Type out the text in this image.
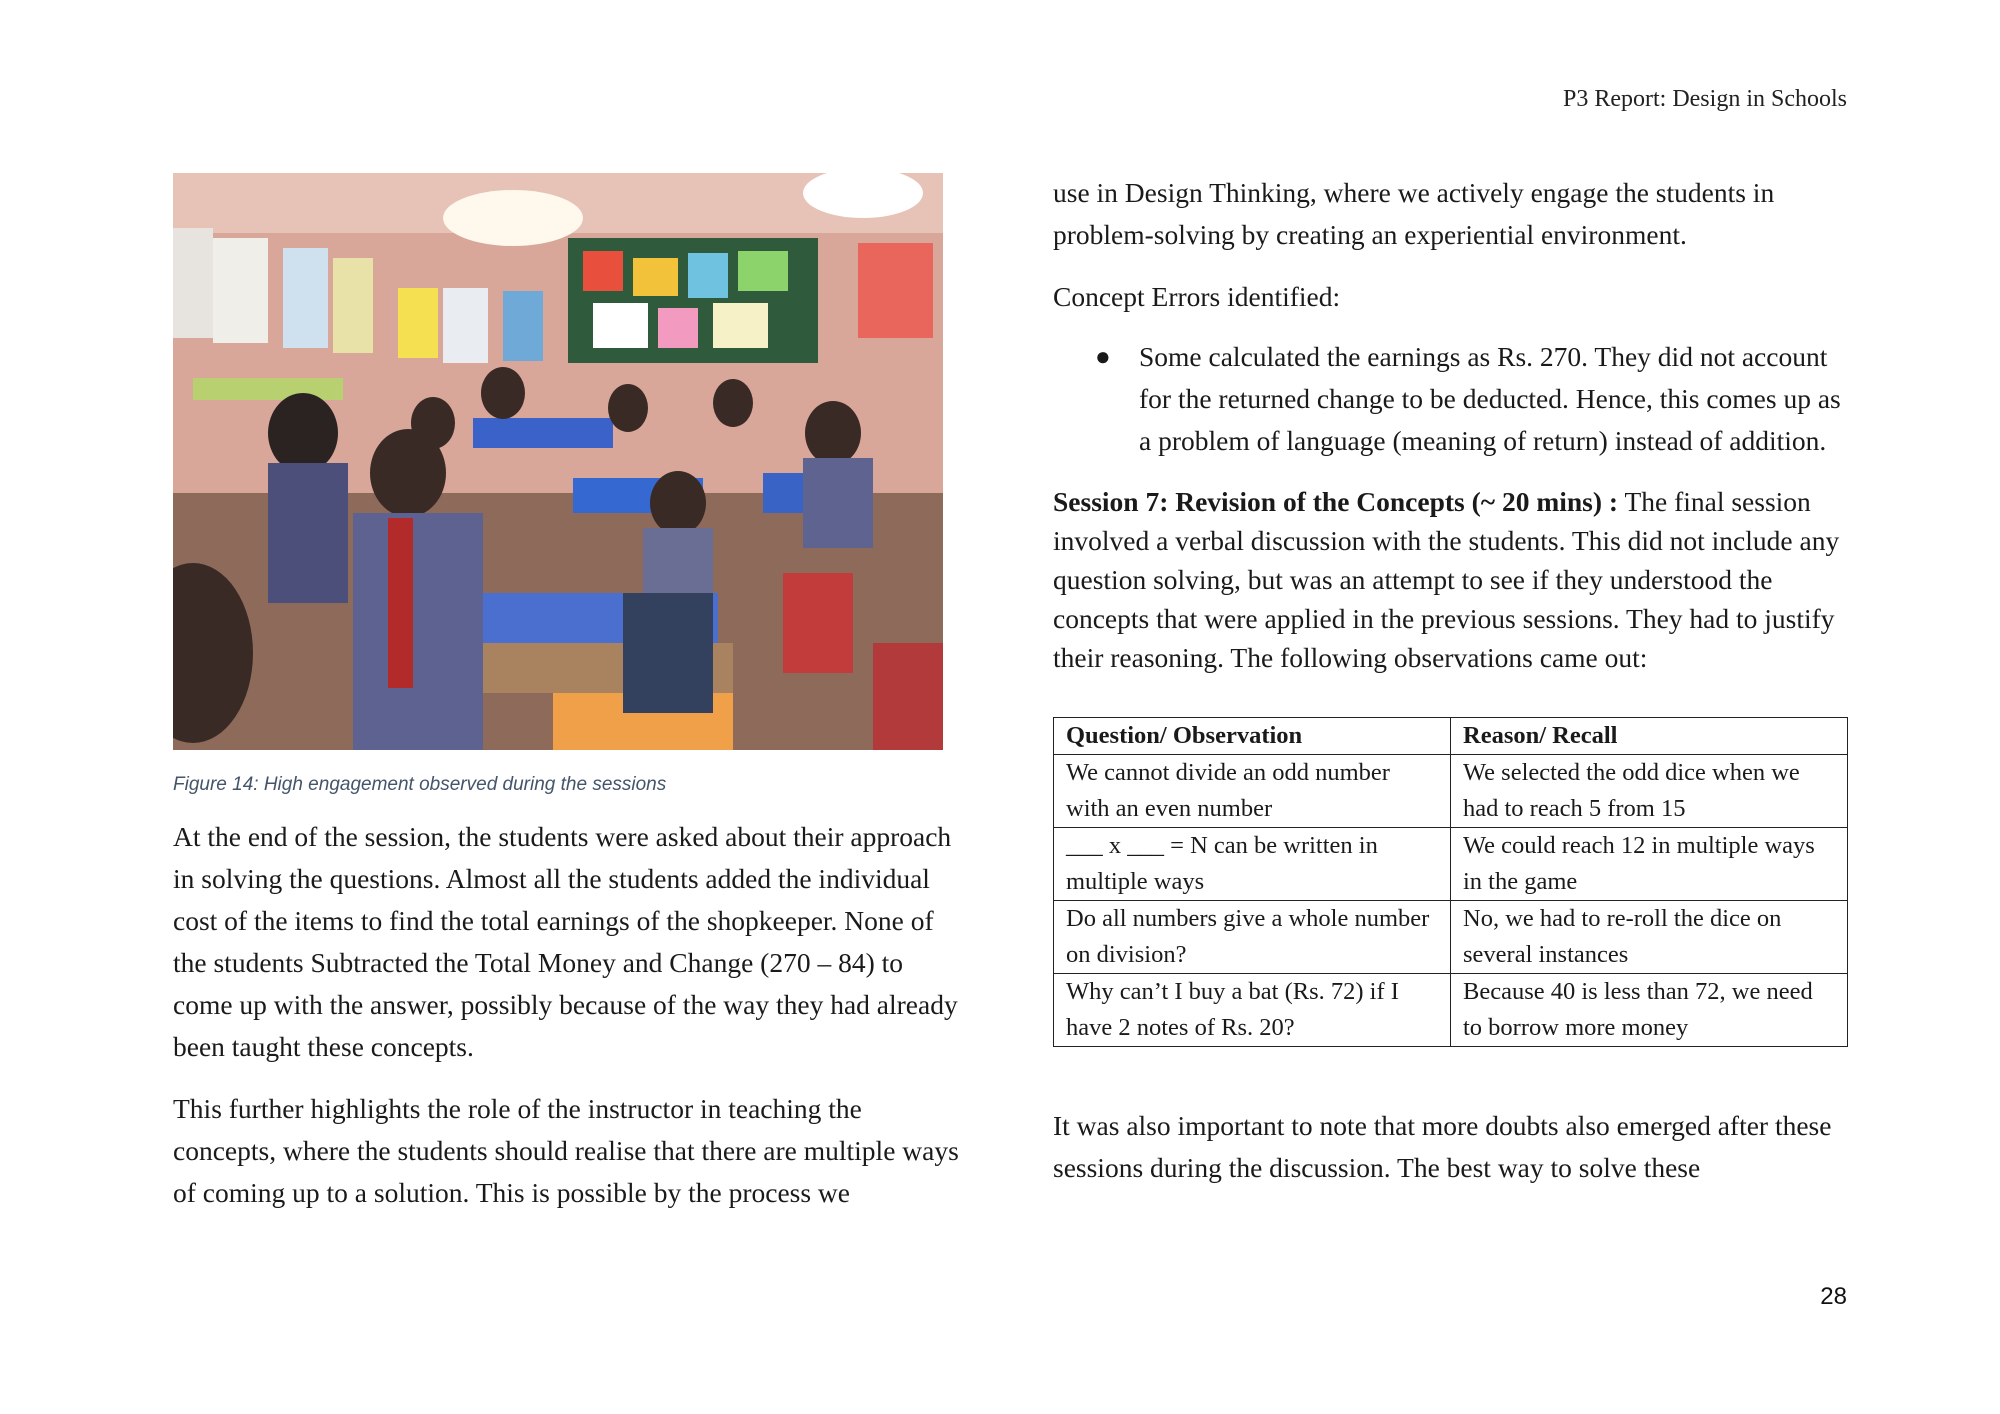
P3 Report: Design in Schools
Figure 14: High engagement observed during the sessions

At the end of the session, the students were asked about their approach in solving the questions. Almost all the students added the individual cost of the items to find the total earnings of the shopkeeper. None of the students Subtracted the Total Money and Change (270 – 84) to come up with the answer, possibly because of the way they had already been taught these concepts.

This further highlights the role of the instructor in teaching the concepts, where the students should realise that there are multiple ways of coming up to a solution. This is possible by the process we

use in Design Thinking, where we actively engage the students in problem-solving by creating an experiential environment.

Concept Errors identified:

● Some calculated the earnings as Rs. 270. They did not account for the returned change to be deducted. Hence, this comes up as a problem of language (meaning of return) instead of addition.

Session 7: Revision of the Concepts (~ 20 mins) : The final session involved a verbal discussion with the students. This did not include any question solving, but was an attempt to see if they understood the concepts that were applied in the previous sessions. They had to justify their reasoning. The following observations came out:

Question/ Observation	Reason/ Recall
We cannot divide an odd number with an even number	We selected the odd dice when we had to reach 5 from 15
___ x ___ = N can be written in multiple ways	We could reach 12 in multiple ways in the game
Do all numbers give a whole number on division?	No, we had to re-roll the dice on several instances
Why can’t I buy a bat (Rs. 72) if I have 2 notes of Rs. 20?	Because 40 is less than 72, we need to borrow more money

It was also important to note that more doubts also emerged after these sessions during the discussion. The best way to solve these

28
